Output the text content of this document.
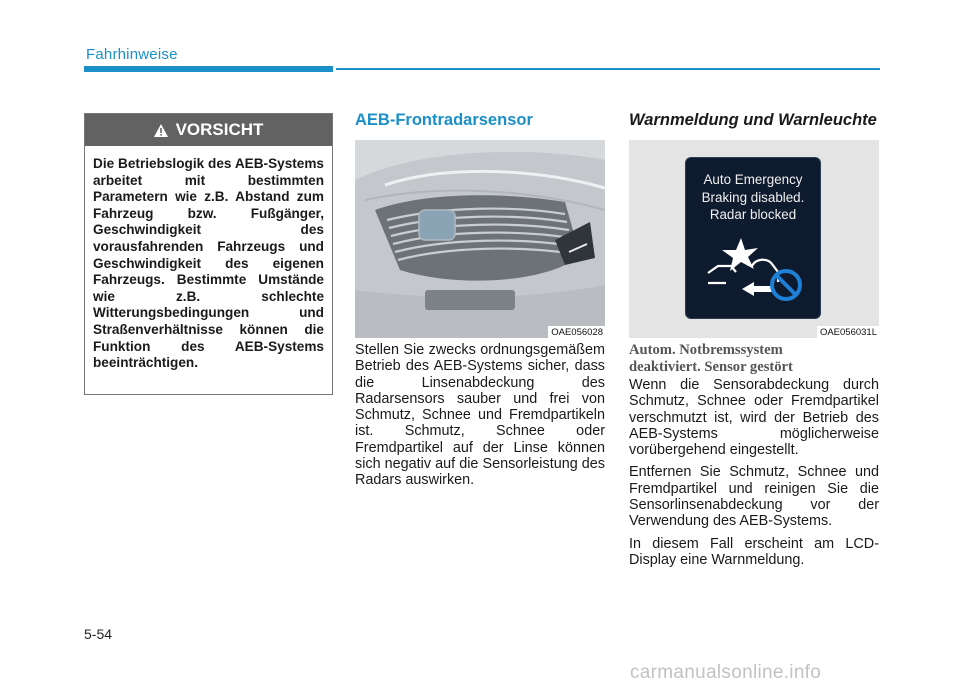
Fahrhinweise
VORSICHT
Die Betriebslogik des AEB-Systems arbeitet mit bestimmten Parametern wie z.B. Abstand zum Fahrzeug bzw. Fußgänger, Geschwindigkeit des vorausfahrenden Fahrzeugs und Geschwindigkeit des eigenen Fahrzeugs. Bestimmte Umstände wie z.B. schlechte Witterungsbedingungen und Straßenverhältnisse können die Funktion des AEB-Systems beeinträchtigen.
AEB-Frontradarsensor
OAE056028

Stellen Sie zwecks ordnungsgemäßem Betrieb des AEB-Systems sicher, dass die Linsenabdeckung des Radarsensors sauber und frei von Schmutz, Schnee und Fremdpartikeln ist. Schmutz, Schnee oder Fremdpartikel auf der Linse können sich negativ auf die Sensorleistung des Radars auswirken.

Warnmeldung und Warnleuchte
Auto Emergency
Braking disabled.
Radar blocked
OAE056031L
Autom. Notbremssystem
deaktiviert. Sensor gestört

Wenn die Sensorabdeckung durch Schmutz, Schnee oder Fremdpartikel verschmutzt ist, wird der Betrieb des AEB-Systems möglicherweise vorübergehend eingestellt.

Entfernen Sie Schmutz, Schnee und Fremdpartikel und reinigen Sie die Sensorlinsenabdeckung vor der Verwendung des AEB-Systems.

In diesem Fall erscheint am LCD-Display eine Warnmeldung.

5-54
carmanualsonline.info
